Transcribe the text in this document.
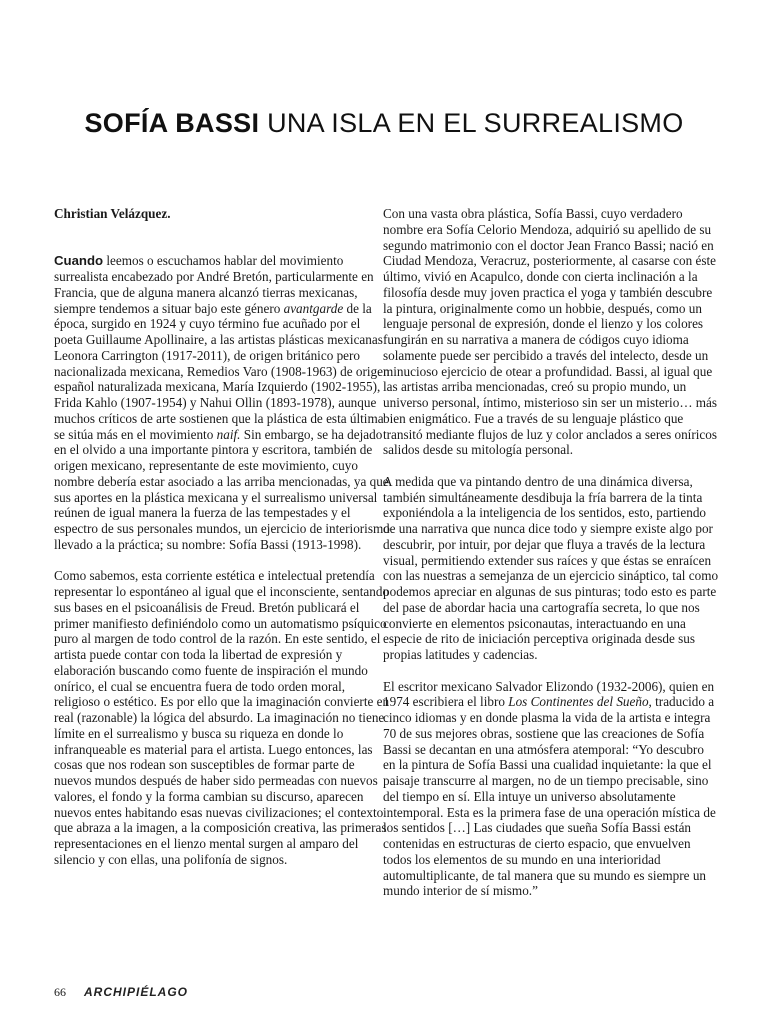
SOFÍA BASSI UNA ISLA EN EL SURREALISMO

Christian Velázquez.

Cuando leemos o escuchamos hablar del movimiento surrealista encabezado por André Bretón, particularmente en Francia, que de alguna manera alcanzó tierras mexicanas, siempre tendemos a situar bajo este género avantgarde de la época, surgido en 1924 y cuyo término fue acuñado por el poeta Guillaume Apollinaire, a las artistas plásticas mexicanas Leonora Carrington (1917-2011), de origen británico pero nacionalizada mexicana, Remedios Varo (1908-1963) de origen español naturalizada mexicana, María Izquierdo (1902-1955), Frida Kahlo (1907-1954) y Nahui Ollin (1893-1978), aunque muchos críticos de arte sostienen que la plástica de esta última se sitúa más en el movimiento naif. Sin embargo, se ha dejado en el olvido a una importante pintora y escritora, también de origen mexicano, representante de este movimiento, cuyo nombre debería estar asociado a las arriba mencionadas, ya que sus aportes en la plástica mexicana y el surrealismo universal reúnen de igual manera la fuerza de las tempestades y el espectro de sus personales mundos, un ejercicio de interiorismo llevado a la práctica; su nombre: Sofía Bassi (1913-1998).

Como sabemos, esta corriente estética e intelectual pretendía representar lo espontáneo al igual que el inconsciente, sentando sus bases en el psicoanálisis de Freud. Bretón publicará el primer manifiesto definiéndolo como un automatismo psíquico puro al margen de todo control de la razón. En este sentido, el artista puede contar con toda la libertad de expresión y elaboración buscando como fuente de inspiración el mundo onírico, el cual se encuentra fuera de todo orden moral, religioso o estético. Es por ello que la imaginación convierte en real (razonable) la lógica del absurdo. La imaginación no tiene límite en el surrealismo y busca su riqueza en donde lo infranqueable es material para el artista. Luego entonces, las cosas que nos rodean son susceptibles de formar parte de nuevos mundos después de haber sido permeadas con nuevos valores, el fondo y la forma cambian su discurso, aparecen nuevos entes habitando esas nuevas civilizaciones; el contexto que abraza a la imagen, a la composición creativa, las primeras representaciones en el lienzo mental surgen al amparo del silencio y con ellas, una polifonía de signos.

Con una vasta obra plástica, Sofía Bassi, cuyo verdadero nombre era Sofía Celorio Mendoza, adquirió su apellido de su segundo matrimonio con el doctor Jean Franco Bassi; nació en Ciudad Mendoza, Veracruz, posteriormente, al casarse con éste último, vivió en Acapulco, donde con cierta inclinación a la filosofía desde muy joven practica el yoga y también descubre la pintura, originalmente como un hobbie, después, como un lenguaje personal de expresión, donde el lienzo y los colores fungirán en su narrativa a manera de códigos cuyo idioma solamente puede ser percibido a través del intelecto, desde un minucioso ejercicio de otear a profundidad. Bassi, al igual que las artistas arriba mencionadas, creó su propio mundo, un universo personal, íntimo, misterioso sin ser un misterio… más bien enigmático. Fue a través de su lenguaje plástico que transitó mediante flujos de luz y color anclados a seres oníricos salidos desde su mitología personal.

A medida que va pintando dentro de una dinámica diversa, también simultáneamente desdibuja la fría barrera de la tinta exponiéndola a la inteligencia de los sentidos, esto, partiendo de una narrativa que nunca dice todo y siempre existe algo por descubrir, por intuir, por dejar que fluya a través de la lectura visual, permitiendo extender sus raíces y que éstas se enraícen con las nuestras a semejanza de un ejercicio sináptico, tal como podemos apreciar en algunas de sus pinturas; todo esto es parte del pase de abordar hacia una cartografía secreta, lo que nos convierte en elementos psiconautas, interactuando en una especie de rito de iniciación perceptiva originada desde sus propias latitudes y cadencias.

El escritor mexicano Salvador Elizondo (1932-2006), quien en 1974 escribiera el libro Los Continentes del Sueño, traducido a cinco idiomas y en donde plasma la vida de la artista e integra 70 de sus mejores obras, sostiene que las creaciones de Sofía Bassi se decantan en una atmósfera atemporal: “Yo descubro en la pintura de Sofía Bassi una cualidad inquietante: la que el paisaje transcurre al margen, no de un tiempo precisable, sino del tiempo en sí. Ella intuye un universo absolutamente intemporal. Esta es la primera fase de una operación mística de los sentidos […] Las ciudades que sueña Sofía Bassi están contenidas en estructuras de cierto espacio, que envuelven todos los elementos de su mundo en una interioridad automultiplicante, de tal manera que su mundo es siempre un mundo interior de sí mismo.”

66 ARCHIPIÉLAGO
